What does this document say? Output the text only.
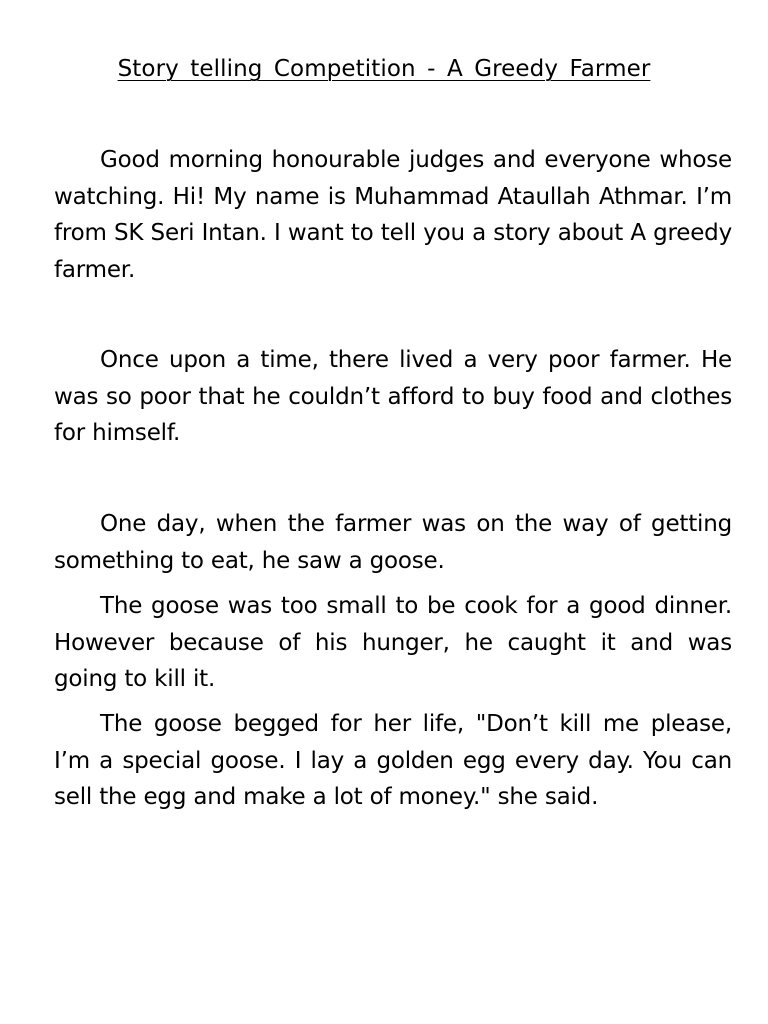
Story telling Competition - A Greedy Farmer

Good morning honourable judges and everyone whose watching. Hi! My name is Muhammad Ataullah Athmar. I’m from SK Seri Intan. I want to tell you a story about A greedy farmer.

Once upon a time, there lived a very poor farmer. He was so poor that he couldn’t afford to buy food and clothes for himself.

One day, when the farmer was on the way of getting something to eat, he saw a goose.

The goose was too small to be cook for a good dinner. However because of his hunger, he caught it and was going to kill it.

The goose begged for her life, "Don’t kill me please, I’m a special goose. I lay a golden egg every day. You can sell the egg and make a lot of money." she said.
